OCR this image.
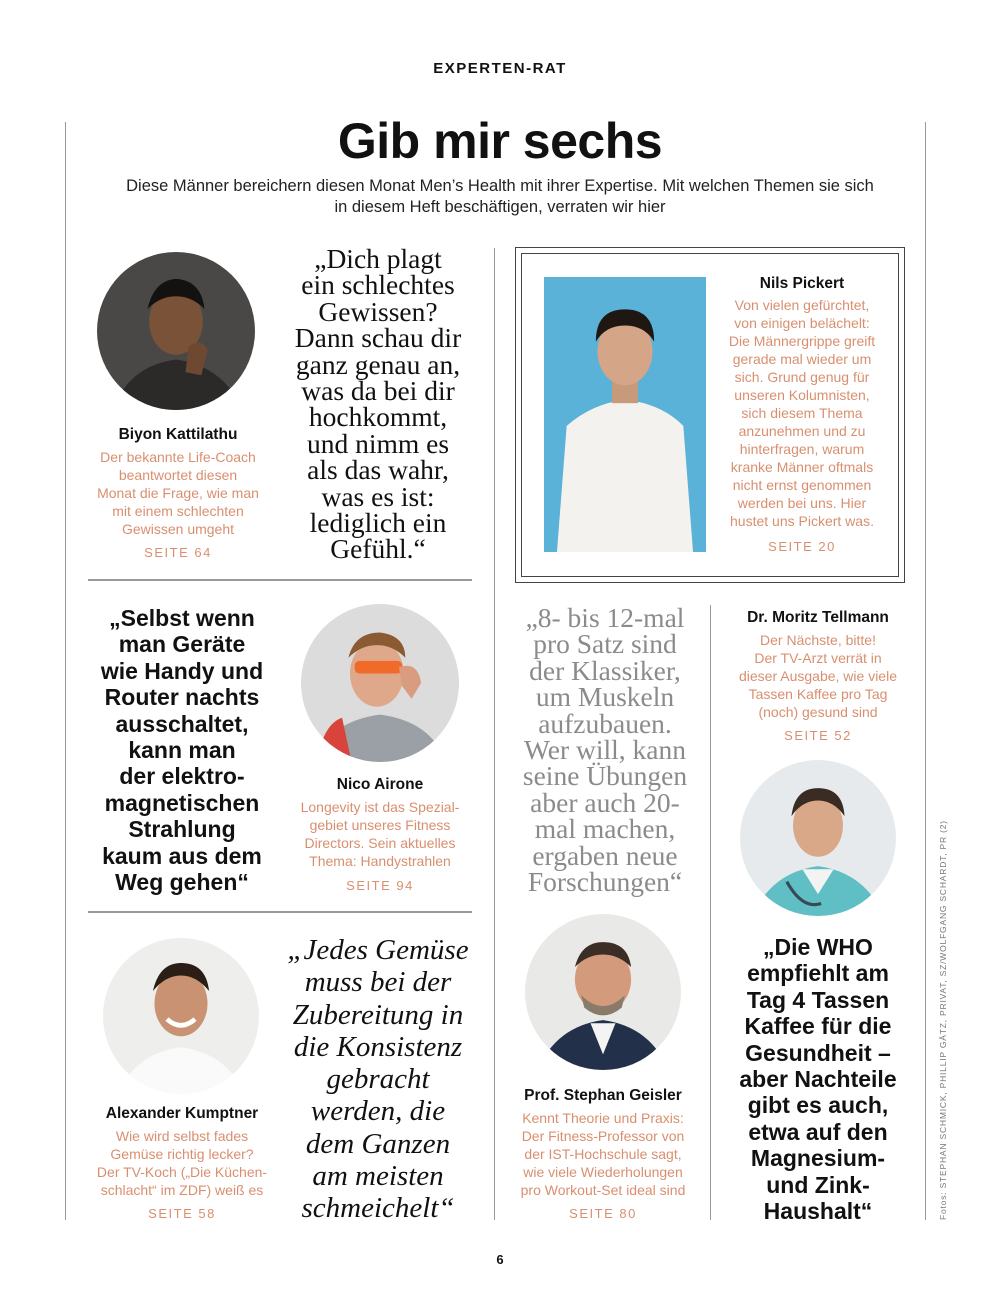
EXPERTEN-RAT
Gib mir sechs
Diese Männer bereichern diesen Monat Men’s Health mit ihrer Expertise. Mit welchen Themen sie sich in diesem Heft beschäftigen, verraten wir hier
Biyon Kattilathu
Der bekannte Life-Coach
beantwortet diesen
Monat die Frage, wie man
mit einem schlechten
Gewissen umgeht
SEITE 64
„Dich plagt
ein schlechtes
Gewissen?
Dann schau dir
ganz genau an,
was da bei dir
hochkommt,
und nimm es
als das wahr,
was es ist:
lediglich ein
Gefühl.“
Nils Pickert
Von vielen gefürchtet,
von einigen belächelt:
Die Männergrippe greift
gerade mal wieder um
sich. Grund genug für
unseren Kolumnisten,
sich diesem Thema
anzunehmen und zu
hinterfragen, warum
kranke Männer oftmals
nicht ernst genommen
werden bei uns. Hier
hustet uns Pickert was.
SEITE 20
„Selbst wenn
man Geräte
wie Handy und
Router nachts
ausschaltet,
kann man
der elektro-
magnetischen
Strahlung
kaum aus dem
Weg gehen“
Nico Airone
Longevity ist das Spezial-
gebiet unseres Fitness
Directors. Sein aktuelles
Thema: Handystrahlen
SEITE 94
„8- bis 12-mal
pro Satz sind
der Klassiker,
um Muskeln
aufzubauen.
Wer will, kann
seine Übungen
aber auch 20-
mal machen,
ergaben neue
Forschungen“
Dr. Moritz Tellmann
Der Nächste, bitte!
Der TV-Arzt verrät in
dieser Ausgabe, wie viele
Tassen Kaffee pro Tag
(noch) gesund sind
SEITE 52
„Die WHO
empfiehlt am
Tag 4 Tassen
Kaffee für die
Gesundheit –
aber Nachteile
gibt es auch,
etwa auf den
Magnesium-
und Zink-
Haushalt“
Alexander Kumptner
Wie wird selbst fades
Gemüse richtig lecker?
Der TV-Koch („Die Küchen-
schlacht“ im ZDF) weiß es
SEITE 58
„Jedes Gemüse
muss bei der
Zubereitung in
die Konsistenz
gebracht
werden, die
dem Ganzen
am meisten
schmeichelt“
Prof. Stephan Geisler
Kennt Theorie und Praxis:
Der Fitness-Professor von
der IST-Hochschule sagt,
wie viele Wiederholungen
pro Workout-Set ideal sind
SEITE 80	Fotos: STEPHAN SCHMICK, PHILLIP GÄTZ, PRIVAT, SZ/WOLFGANG SCHARDT, PR (2)
6
